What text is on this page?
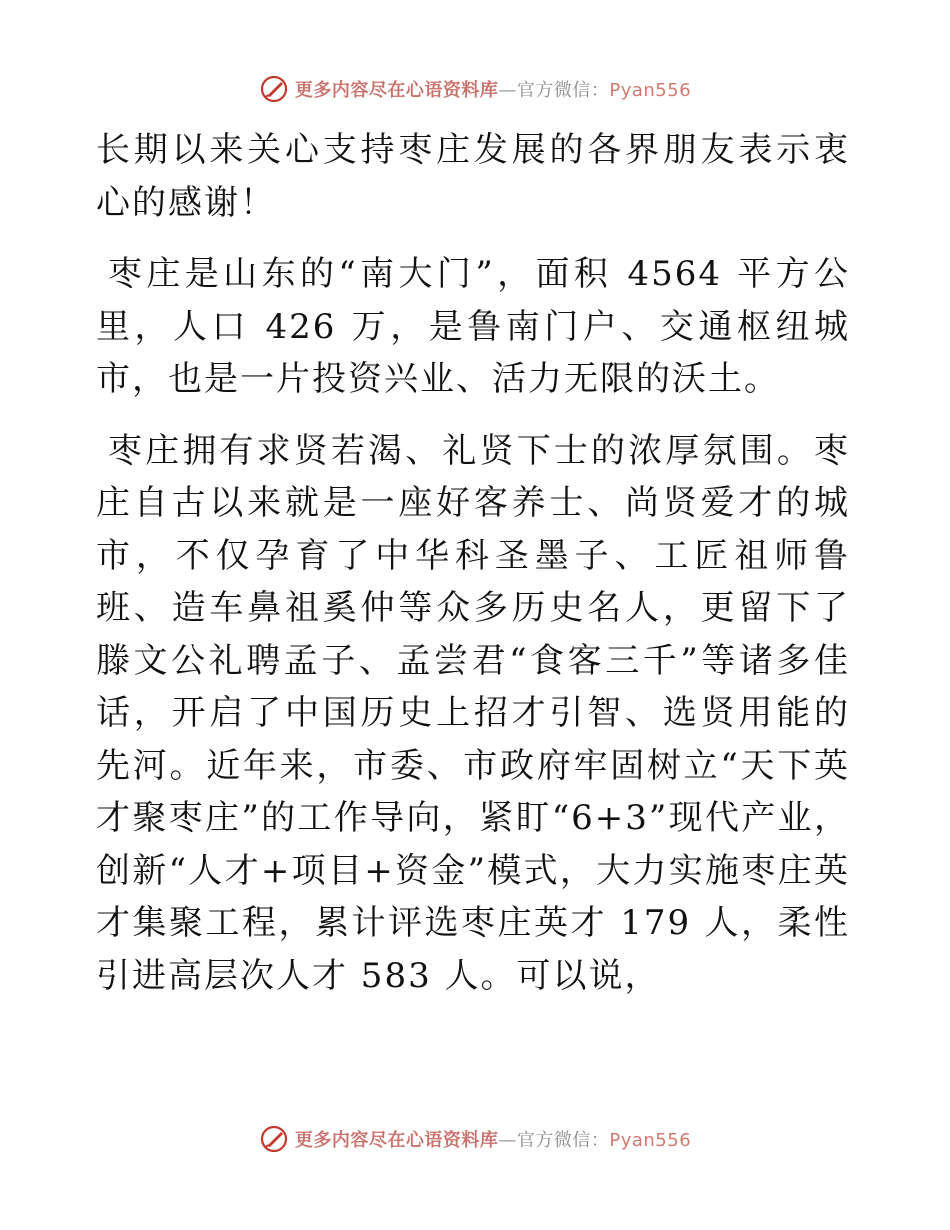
更多内容尽在心语资料库—官方微信：Pyan556

长期以来关心支持枣庄发展的各界朋友表示衷心的感谢！

枣庄是山东的“南大门”，面积 4564 平方公里，人口 426 万，是鲁南门户、交通枢纽城市，也是一片投资兴业、活力无限的沃土。

枣庄拥有求贤若渴、礼贤下士的浓厚氛围。枣庄自古以来就是一座好客养士、尚贤爱才的城市，不仅孕育了中华科圣墨子、工匠祖师鲁班、造车鼻祖奚仲等众多历史名人，更留下了滕文公礼聘孟子、孟尝君“食客三千”等诸多佳话，开启了中国历史上招才引智、选贤用能的先河。近年来，市委、市政府牢固树立“天下英才聚枣庄”的工作导向，紧盯“6+3”现代产业，创新“人才+项目+资金”模式，大力实施枣庄英才集聚工程，累计评选枣庄英才 179 人，柔性引进高层次人才 583 人。可以说，

更多内容尽在心语资料库—官方微信：Pyan556
